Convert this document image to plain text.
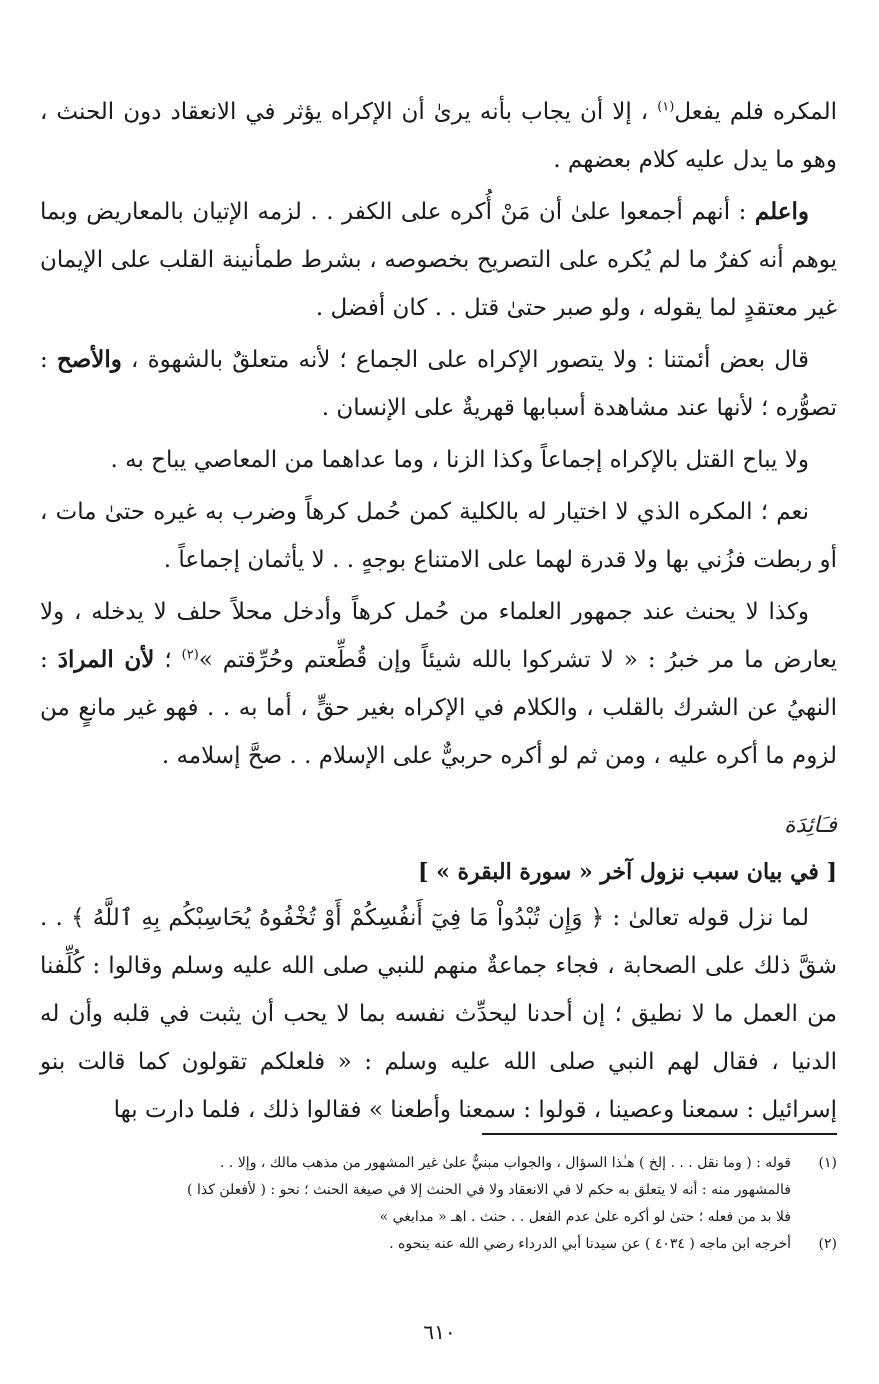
المكره فلم يفعل$^{(١)}$ ، إلا أن يجاب بأنه يرىٰ أن الإكراه يؤثر في الانعقاد دون الحنث ، وهو ما يدل عليه كلام بعضهم .

واعلم : أنهم أجمعوا علىٰ أن مَنْ أُكره على الكفر . . لزمه الإتيان بالمعاريض وبما يوهم أنه كفرٌ ما لم يُكره على التصريح بخصوصه ، بشرط طمأنينة القلب على الإيمان غير معتقدٍ لما يقوله ، ولو صبر حتىٰ قتل . . كان أفضل .

قال بعض أئمتنا : ولا يتصور الإكراه على الجماع ؛ لأنه متعلقٌ بالشهوة ، والأصح : تصوُّره ؛ لأنها عند مشاهدة أسبابها قهريةٌ على الإنسان .

ولا يباح القتل بالإكراه إجماعاً وكذا الزنا ، وما عداهما من المعاصي يباح به .

نعم ؛ المكره الذي لا اختيار له بالكلية كمن حُمل كرهاً وضرب به غيره حتىٰ مات ، أو ربطت فزُني بها ولا قدرة لهما على الامتناع بوجهٍ . . لا يأثمان إجماعاً .

وكذا لا يحنث عند جمهور العلماء من حُمل كرهاً وأدخل محلاً حلف لا يدخله ، ولا يعارض ما مر خبرُ : « لا تشركوا بالله شيئاً وإن قُطِّعتم وحُرِّقتم »$^{(٢)}$ ؛ لأن المرادَ : النهيُ عن الشرك بالقلب ، والكلام في الإكراه بغير حقٍّ ، أما به . . فهو غير مانعٍ من لزوم ما أكره عليه ، ومن ثم لو أكره حربيٌّ على الإسلام . . صحَّ إسلامه .

فـَائِدَة

[ في بيان سبب نزول آخر « سورة البقرة » ]

لما نزل قوله تعالىٰ : ﴿ وَإِن تُبْدُواْ مَا فِيٓ أَنفُسِكُمْ أَوْ تُخْفُوهُ يُحَاسِبْكُم بِهِ ٱللَّهُ ﴾ . . شقَّ ذلك على الصحابة ، فجاء جماعةٌ منهم للنبي صلى الله عليه وسلم وقالوا : كُلِّفنا من العمل ما لا نطيق ؛ إن أحدنا ليحدِّث نفسه بما لا يحب أن يثبت في قلبه وأن له الدنيا ، فقال لهم النبي صلى الله عليه وسلم : « فلعلكم تقولون كما قالت بنو إسرائيل : سمعنا وعصينا ، قولوا : سمعنا وأطعنا » فقالوا ذلك ، فلما دارت بها

(١)
قوله : ( وما نقل . . . إلخ ) هـٰذا السؤال ، والجواب مبنيٌّ علىٰ غير المشهور من مذهب مالك ، وإلا . .
فالمشهور منه : أنه لا يتعلق به حكم لا في الانعقاد ولا في الحنث إلا في صيغة الحنث ؛ نحو : ( لأفعلن كذا )
فلا بد من فعله ؛ حتىٰ لو أكره علىٰ عدم الفعل . . حنث . اهـ « مدابغي »
(٢)
أخرجه ابن ماجه ( ٤٠٣٤ ) عن سيدنا أبي الدرداء رضي الله عنه بنحوه .
٦١٠
